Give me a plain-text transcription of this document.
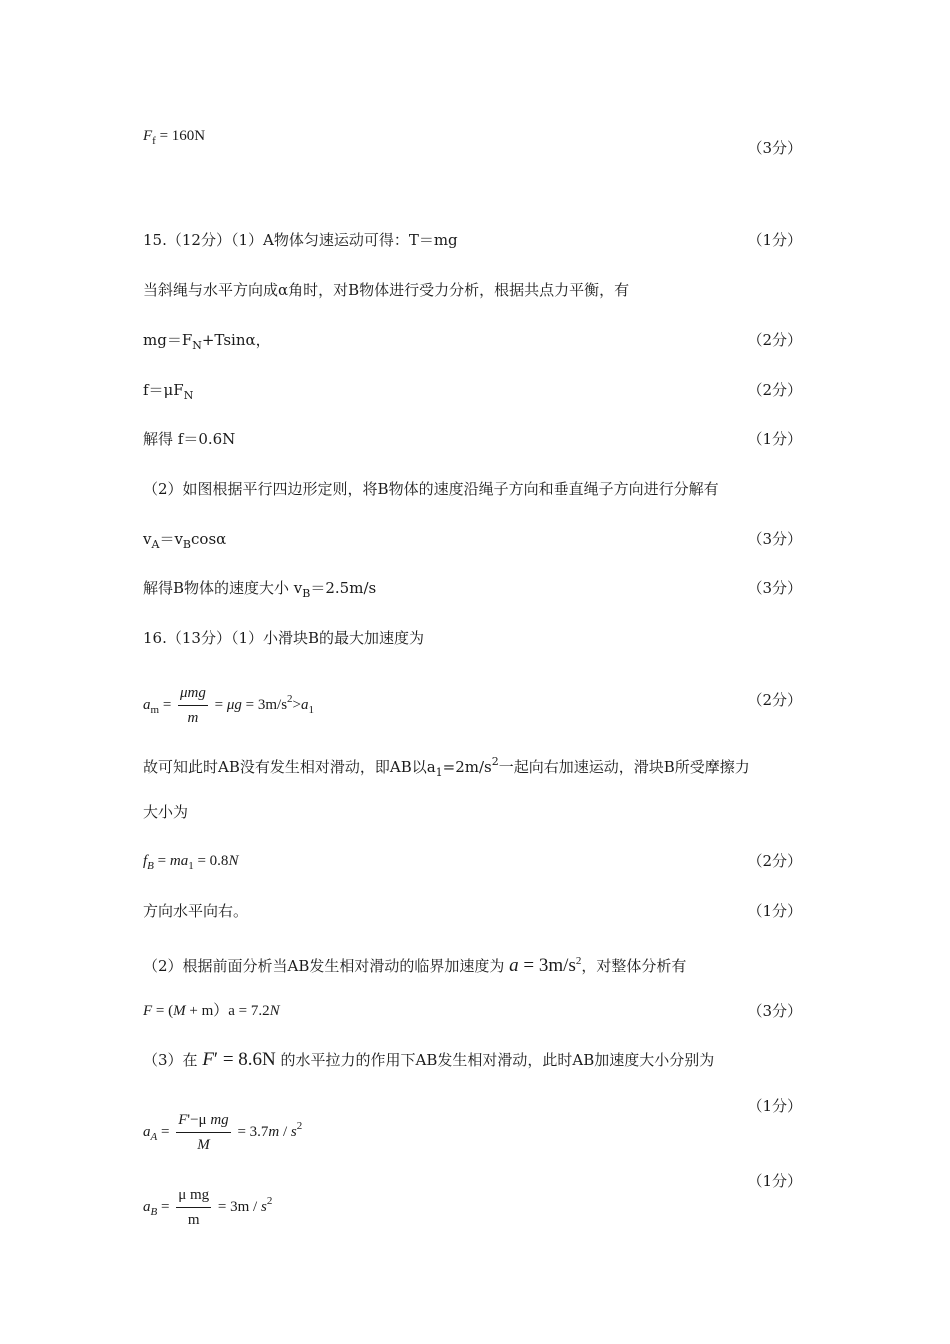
$F_f = 160N$
（3分）
15.（12分）（1）A物体匀速运动可得：T＝mg	（1分）
当斜绳与水平方向成α角时，对B物体进行受力分析，根据共点力平衡，有
$mg=F_N+Tsin\alpha$，	（2分）
$f=\mu F_N$	（2分）
解得 f＝0.6N	（1分）
（2）如图根据平行四边形定则，将B物体的速度沿绳子方向和垂直绳子方向进行分解有
$v_A=v_B\cos\alpha$	（3分）
解得B物体的速度大小 $v_B=2.5m/s$	（3分）
16.（13分）（1）小滑块B的最大加速度为
$a_m = \frac{\text{μmg}}{m} = \mu g = 3m/s^2>a_1$
（2分）
故可知此时AB没有发生相对滑动，即AB以$a_1=2m/s^2$一起向右加速运动，滑块B所受摩擦力
大小为
$f_B = ma_1 = 0.8N$	（2分）
方向水平向右。	（1分）
（2）根据前面分析当AB发生相对滑动的临界加速度为 $a = 3m/s^2$，对整体分析有
F = (M + m）a = 7.2N	（3分）
（3）在 F′ = 8.6N 的水平拉力的作用下AB发生相对滑动，此时AB加速度大小分别为
$a_A = \frac{\text{F'−μ mg}}{M} = 3.7m / s^2$
（1分）
$a_B = \frac{\text{μ mg}}{m} = 3m / s^2$
（1分）
